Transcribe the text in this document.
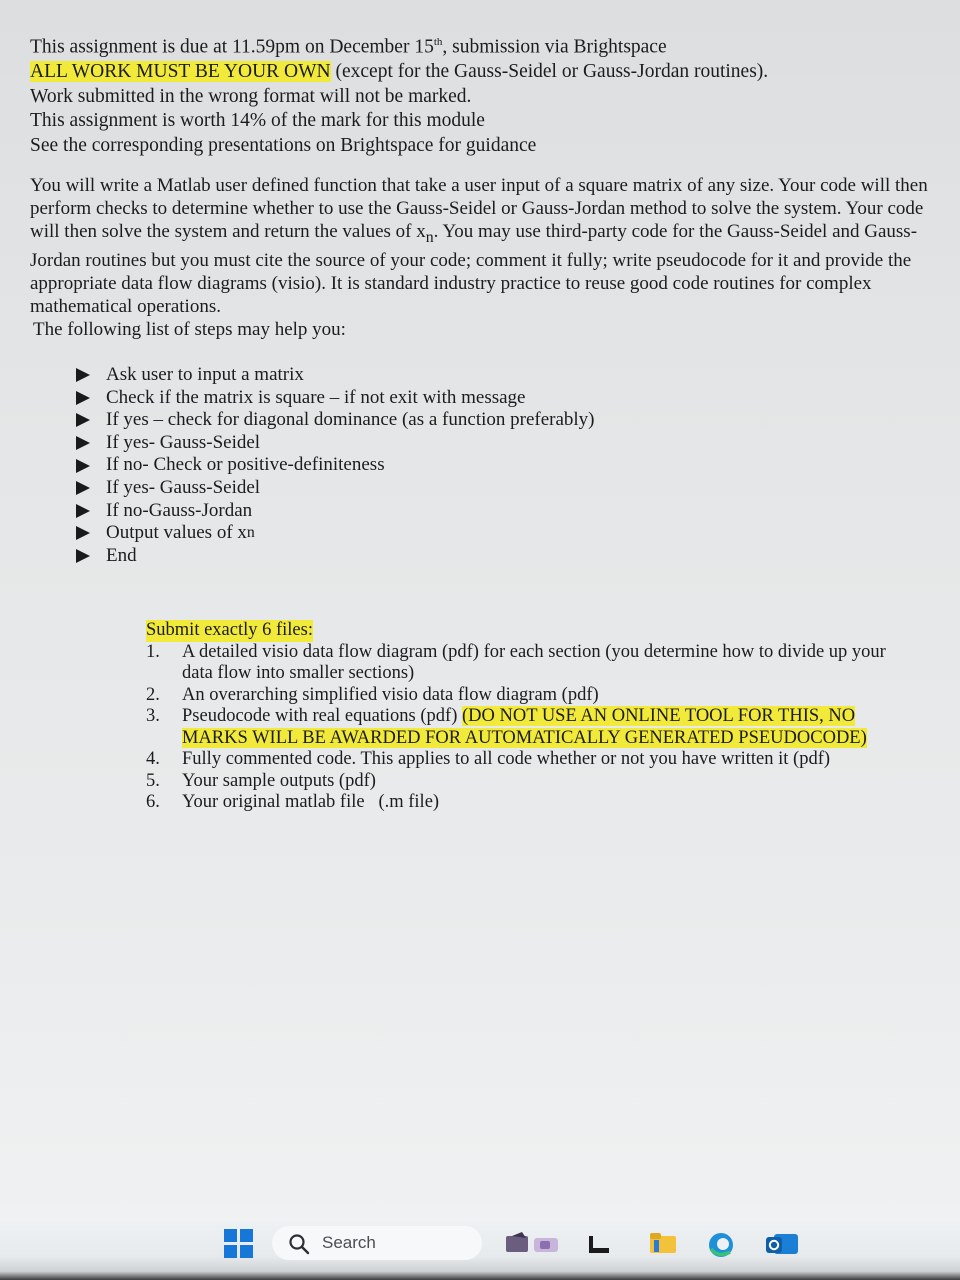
This assignment is due at 11.59pm on December 15th, submission via Brightspace
ALL WORK MUST BE YOUR OWN (except for the Gauss-Seidel or Gauss-Jordan routines).
Work submitted in the wrong format will not be marked.
This assignment is worth 14% of the mark for this module
See the corresponding presentations on Brightspace for guidance

You will write a Matlab user defined function that take a user input of a square matrix of any size. Your code will then perform checks to determine whether to use the Gauss-Seidel or Gauss-Jordan method to solve the system. Your code will then solve the system and return the values of $x_n$. You may use third-party code for the Gauss-Seidel and Gauss-Jordan routines but you must cite the source of your code; comment it fully; write pseudocode for it and provide the appropriate data flow diagrams (visio). It is standard industry practice to reuse good code routines for complex mathematical operations.

The following list of steps may help you:

Ask user to input a matrix
Check if the matrix is square – if not exit with message
If yes – check for diagonal dominance (as a function preferably)
If yes- Gauss-Seidel
If no- Check or positive-definiteness
If yes- Gauss-Seidel
If no-Gauss-Jordan
Output values of x n
End
Submit exactly 6 files:
1.	A detailed visio data flow diagram (pdf) for each section (you determine how to divide up your data flow into smaller sections)
2.	An overarching simplified visio data flow diagram (pdf)
3.	Pseudocode with real equations (pdf) (DO NOT USE AN ONLINE TOOL FOR THIS, NO MARKS WILL BE AWARDED FOR AUTOMATICALLY GENERATED PSEUDOCODE)
4.	Fully commented code. This applies to all code whether or not you have written it (pdf)
5.	Your sample outputs (pdf)
6.	Your original matlab file   (.m file)
Search
